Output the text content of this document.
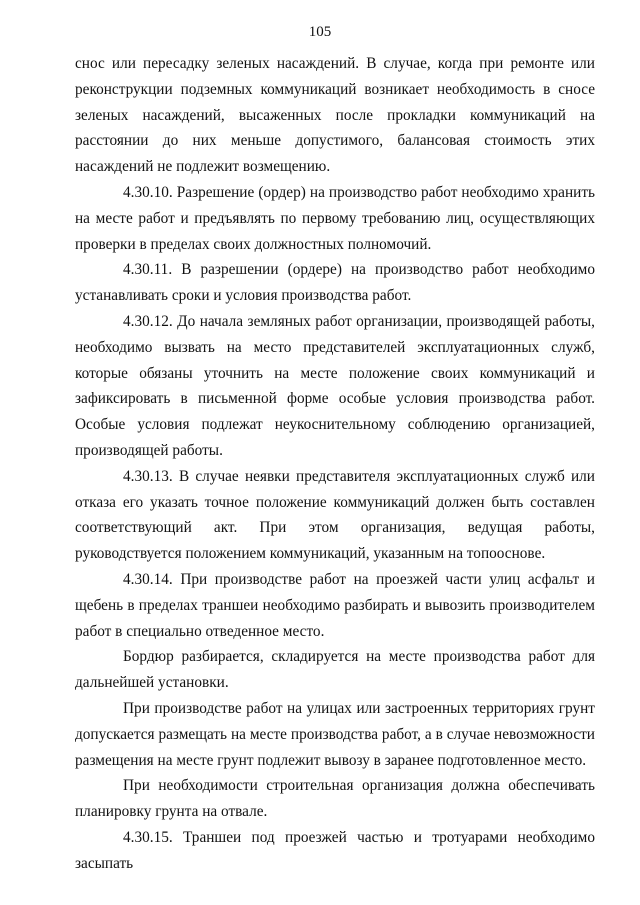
105

снос или пересадку зеленых насаждений. В случае, когда при ремонте или реконструкции подземных коммуникаций возникает необходимость в сносе зеленых насаждений, высаженных после прокладки коммуникаций на расстоянии до них меньше допустимого, балансовая стоимость этих насаждений не подлежит возмещению.

4.30.10. Разрешение (ордер) на производство работ необходимо хранить на месте работ и предъявлять по первому требованию лиц, осуществляющих проверки в пределах своих должностных полномочий.

4.30.11. В разрешении (ордере) на производство работ необходимо устанавливать сроки и условия производства работ.

4.30.12. До начала земляных работ организации, производящей работы, необходимо вызвать на место представителей эксплуатационных служб, которые обязаны уточнить на месте положение своих коммуникаций и зафиксировать в письменной форме особые условия производства работ. Особые условия подлежат неукоснительному соблюдению организацией, производящей работы.

4.30.13. В случае неявки представителя эксплуатационных служб или отказа его указать точное положение коммуникаций должен быть составлен соответствующий акт. При этом организация, ведущая работы, руководствуется положением коммуникаций, указанным на топооснове.

4.30.14. При производстве работ на проезжей части улиц асфальт и щебень в пределах траншеи необходимо разбирать и вывозить производителем работ в специально отведенное место.

Бордюр разбирается, складируется на месте производства работ для дальнейшей установки.

При производстве работ на улицах или застроенных территориях грунт допускается размещать на месте производства работ, а в случае невозможности размещения на месте грунт подлежит вывозу в заранее подготовленное место.

При необходимости строительная организация должна обеспечивать планировку грунта на отвале.

4.30.15. Траншеи под проезжей частью и тротуарами необходимо засыпать
